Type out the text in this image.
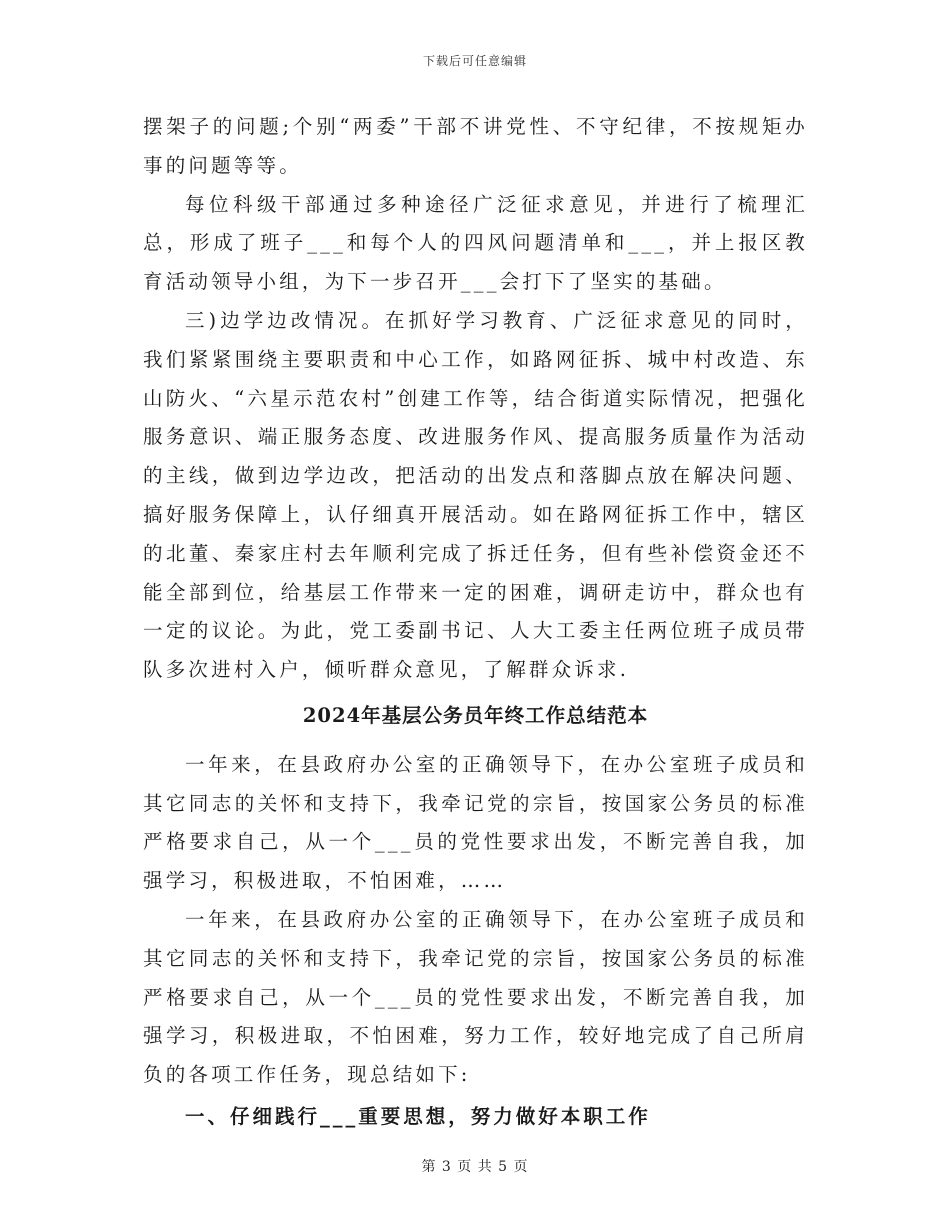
下载后可任意编辑

摆架子的问题;个别“两委”干部不讲党性、不守纪律，不按规矩办事的问题等等。

每位科级干部通过多种途径广泛征求意见，并进行了梳理汇总，形成了班子___和每个人的四风问题清单和___，并上报区教育活动领导小组，为下一步召开___会打下了坚实的基础。

三)边学边改情况。在抓好学习教育、广泛征求意见的同时，我们紧紧围绕主要职责和中心工作，如路网征拆、城中村改造、东山防火、“六星示范农村”创建工作等，结合街道实际情况，把强化服务意识、端正服务态度、改进服务作风、提高服务质量作为活动的主线，做到边学边改，把活动的出发点和落脚点放在解决问题、搞好服务保障上，认仔细真开展活动。如在路网征拆工作中，辖区的北董、秦家庄村去年顺利完成了拆迁任务，但有些补偿资金还不能全部到位，给基层工作带来一定的困难，调研走访中，群众也有一定的议论。为此，党工委副书记、人大工委主任两位班子成员带队多次进村入户，倾听群众意见，了解群众诉求.

2024年基层公务员年终工作总结范本

一年来，在县政府办公室的正确领导下，在办公室班子成员和其它同志的关怀和支持下，我牵记党的宗旨，按国家公务员的标准严格要求自己，从一个___员的党性要求出发，不断完善自我，加强学习，积极进取，不怕困难，……

一年来，在县政府办公室的正确领导下，在办公室班子成员和其它同志的关怀和支持下，我牵记党的宗旨，按国家公务员的标准严格要求自己，从一个___员的党性要求出发，不断完善自我，加强学习，积极进取，不怕困难，努力工作，较好地完成了自己所肩负的各项工作任务，现总结如下:

一、仔细践行___重要思想，努力做好本职工作
第 3 页 共 5 页
